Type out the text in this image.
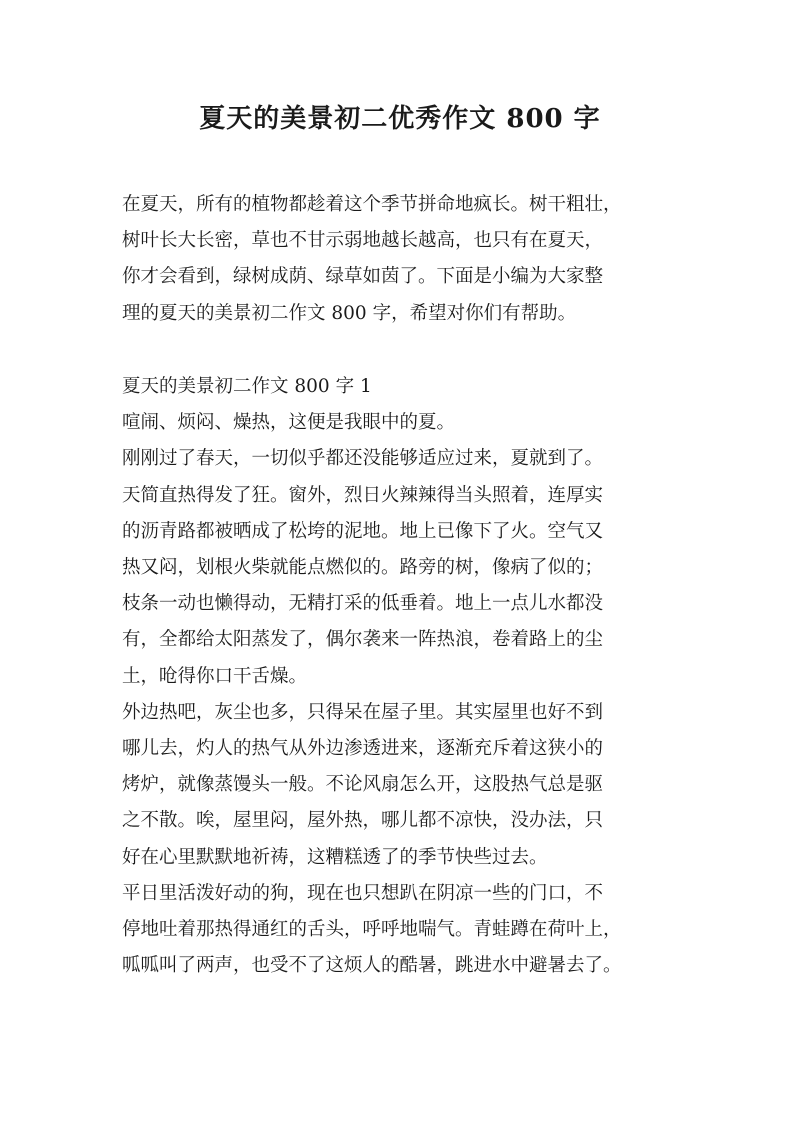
夏天的美景初二优秀作文 800 字
在夏天，所有的植物都趁着这个季节拼命地疯长。树干粗壮，
树叶长大长密，草也不甘示弱地越长越高，也只有在夏天，
你才会看到，绿树成荫、绿草如茵了。下面是小编为大家整
理的夏天的美景初二作文 800 字，希望对你们有帮助。
夏天的美景初二作文 800 字 1
喧闹、烦闷、燥热，这便是我眼中的夏。
刚刚过了春天，一切似乎都还没能够适应过来，夏就到了。
天简直热得发了狂。窗外，烈日火辣辣得当头照着，连厚实
的沥青路都被晒成了松垮的泥地。地上已像下了火。空气又
热又闷，划根火柴就能点燃似的。路旁的树，像病了似的；
枝条一动也懒得动，无精打采的低垂着。地上一点儿水都没
有，全都给太阳蒸发了，偶尔袭来一阵热浪，卷着路上的尘
土，呛得你口干舌燥。
外边热吧，灰尘也多，只得呆在屋子里。其实屋里也好不到
哪儿去，灼人的热气从外边渗透进来，逐渐充斥着这狭小的
烤炉，就像蒸馒头一般。不论风扇怎么开，这股热气总是驱
之不散。唉，屋里闷，屋外热，哪儿都不凉快，没办法，只
好在心里默默地祈祷，这糟糕透了的季节快些过去。
平日里活泼好动的狗，现在也只想趴在阴凉一些的门口，不
停地吐着那热得通红的舌头，呼呼地喘气。青蛙蹲在荷叶上，
呱呱叫了两声，也受不了这烦人的酷暑，跳进水中避暑去了。
